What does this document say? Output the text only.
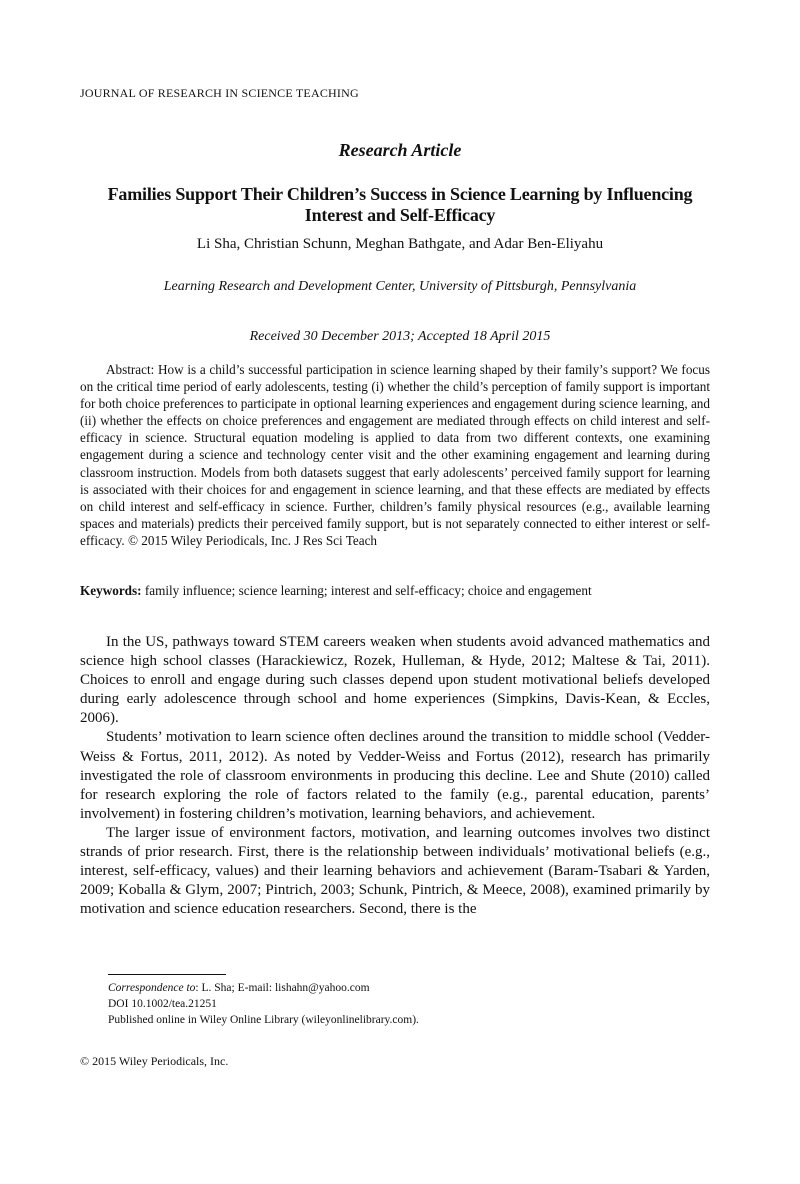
JOURNAL OF RESEARCH IN SCIENCE TEACHING
Research Article
Families Support Their Children’s Success in Science Learning by Influencing Interest and Self-Efficacy
Li Sha, Christian Schunn, Meghan Bathgate, and Adar Ben-Eliyahu
Learning Research and Development Center, University of Pittsburgh, Pennsylvania
Received 30 December 2013; Accepted 18 April 2015
Abstract: How is a child’s successful participation in science learning shaped by their family’s support? We focus on the critical time period of early adolescents, testing (i) whether the child’s perception of family support is important for both choice preferences to participate in optional learning experiences and engagement during science learning, and (ii) whether the effects on choice preferences and engagement are mediated through effects on child interest and self-efficacy in science. Structural equation modeling is applied to data from two different contexts, one examining engagement during a science and technology center visit and the other examining engagement and learning during classroom instruction. Models from both datasets suggest that early adolescents’ perceived family support for learning is associated with their choices for and engagement in science learning, and that these effects are mediated by effects on child interest and self-efficacy in science. Further, children’s family physical resources (e.g., available learning spaces and materials) predicts their perceived family support, but is not separately connected to either interest or self-efficacy. © 2015 Wiley Periodicals, Inc. J Res Sci Teach
Keywords: family influence; science learning; interest and self-efficacy; choice and engagement

In the US, pathways toward STEM careers weaken when students avoid advanced mathematics and science high school classes (Harackiewicz, Rozek, Hulleman, & Hyde, 2012; Maltese & Tai, 2011). Choices to enroll and engage during such classes depend upon student motivational beliefs developed during early adolescence through school and home experiences (Simpkins, Davis-Kean, & Eccles, 2006).

Students’ motivation to learn science often declines around the transition to middle school (Vedder-Weiss & Fortus, 2011, 2012). As noted by Vedder-Weiss and Fortus (2012), research has primarily investigated the role of classroom environments in producing this decline. Lee and Shute (2010) called for research exploring the role of factors related to the family (e.g., parental education, parents’ involvement) in fostering children’s motivation, learning behaviors, and achievement.

The larger issue of environment factors, motivation, and learning outcomes involves two distinct strands of prior research. First, there is the relationship between individuals’ motivational beliefs (e.g., interest, self-efficacy, values) and their learning behaviors and achievement (Baram-Tsabari & Yarden, 2009; Koballa & Glym, 2007; Pintrich, 2003; Schunk, Pintrich, & Meece, 2008), examined primarily by motivation and science education researchers. Second, there is the

Correspondence to: L. Sha; E-mail: lishahn@yahoo.com
DOI 10.1002/tea.21251
Published online in Wiley Online Library (wileyonlinelibrary.com).
© 2015 Wiley Periodicals, Inc.
